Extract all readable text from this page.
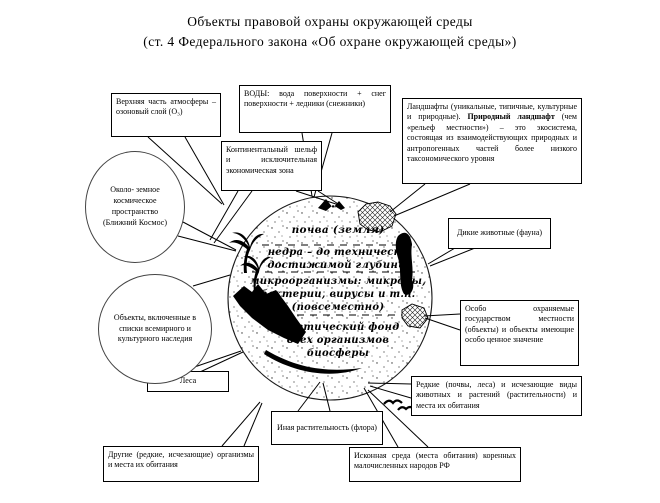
Объекты правовой охраны окружающей среды
(ст. 4 Федерального закона «Об охране окружающей среды»)
Верхняя часть атмосферы – озоновый слой (О₃)
ВОДЫ: вода поверхности + снег поверхности + ледники (снежники)	Ландшафты (уникальные, типичные, культурные и природные). Природный ландшафт (чем «рельеф местности») – это экосистема, состоящая из взаимодействующих природных и антропогенных частей более низкого таксономического уровня
Континентальный шельф и исключительная экономическая зона
Дикие животные (фауна)
Особо охраняемые государством местности (объекты) и объекты имеющие особо ценное значение
Редкие (почвы, леса) и исчезающие виды животных и растений (растительности) и места их обитания
Иная растительность (флора)
Исконная среда (места обитания) коренных малочисленных народов РФ
Другие (редкие, исчезающие) организмы и места их обитания
Леса
Около- земное космическое пространство (Ближний Космос)
Объекты, включенные в списки всемирного и культурного наследия
почва (земля)
недра – до технически
достижимой глубины
микроорганизмы: микробы,
бактерии, вирусы и т.п.
(повсеместно)
генетический фонд
всех организмов
биосферы
